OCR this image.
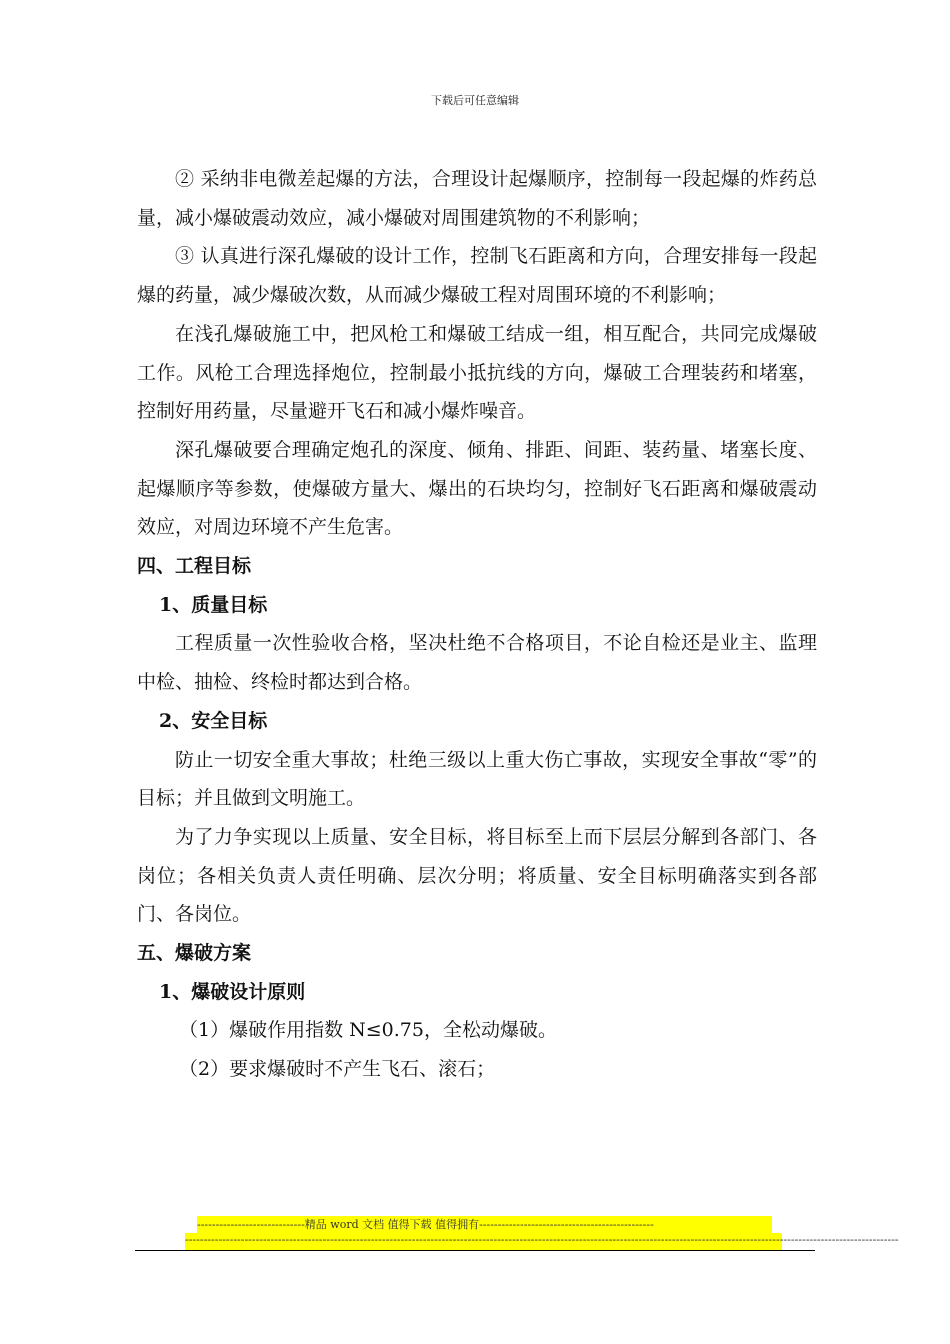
下载后可任意编辑

② 采纳非电微差起爆的方法，合理设计起爆顺序，控制每一段起爆的炸药总量，减小爆破震动效应，减小爆破对周围建筑物的不利影响；

③ 认真进行深孔爆破的设计工作，控制飞石距离和方向，合理安排每一段起爆的药量，减少爆破次数，从而减少爆破工程对周围环境的不利影响；

在浅孔爆破施工中，把风枪工和爆破工结成一组，相互配合，共同完成爆破工作。风枪工合理选择炮位，控制最小抵抗线的方向，爆破工合理装药和堵塞，控制好用药量，尽量避开飞石和减小爆炸噪音。

深孔爆破要合理确定炮孔的深度、倾角、排距、间距、装药量、堵塞长度、起爆顺序等参数，使爆破方量大、爆出的石块均匀，控制好飞石距离和爆破震动效应，对周边环境不产生危害。

四、工程目标

1、质量目标

工程质量一次性验收合格，坚决杜绝不合格项目，不论自检还是业主、监理中检、抽检、终检时都达到合格。

2、安全目标

防止一切安全重大事故；杜绝三级以上重大伤亡事故，实现安全事故“零”的目标；并且做到文明施工。

为了力争实现以上质量、安全目标，将目标至上而下层层分解到各部门、各岗位；各相关负责人责任明确、层次分明；将质量、安全目标明确落实到各部门、各岗位。

五、爆破方案

1、爆破设计原则

（1）爆破作用指数 N≤0.75，全松动爆破。

（2）要求爆破时不产生飞石、滚石；

-----------------------------精品 word 文档 值得下载 值得拥有-----------------------------------------------
------------------------------------------------------------------------------------------------------------------------------------------------------------------------------------------------
